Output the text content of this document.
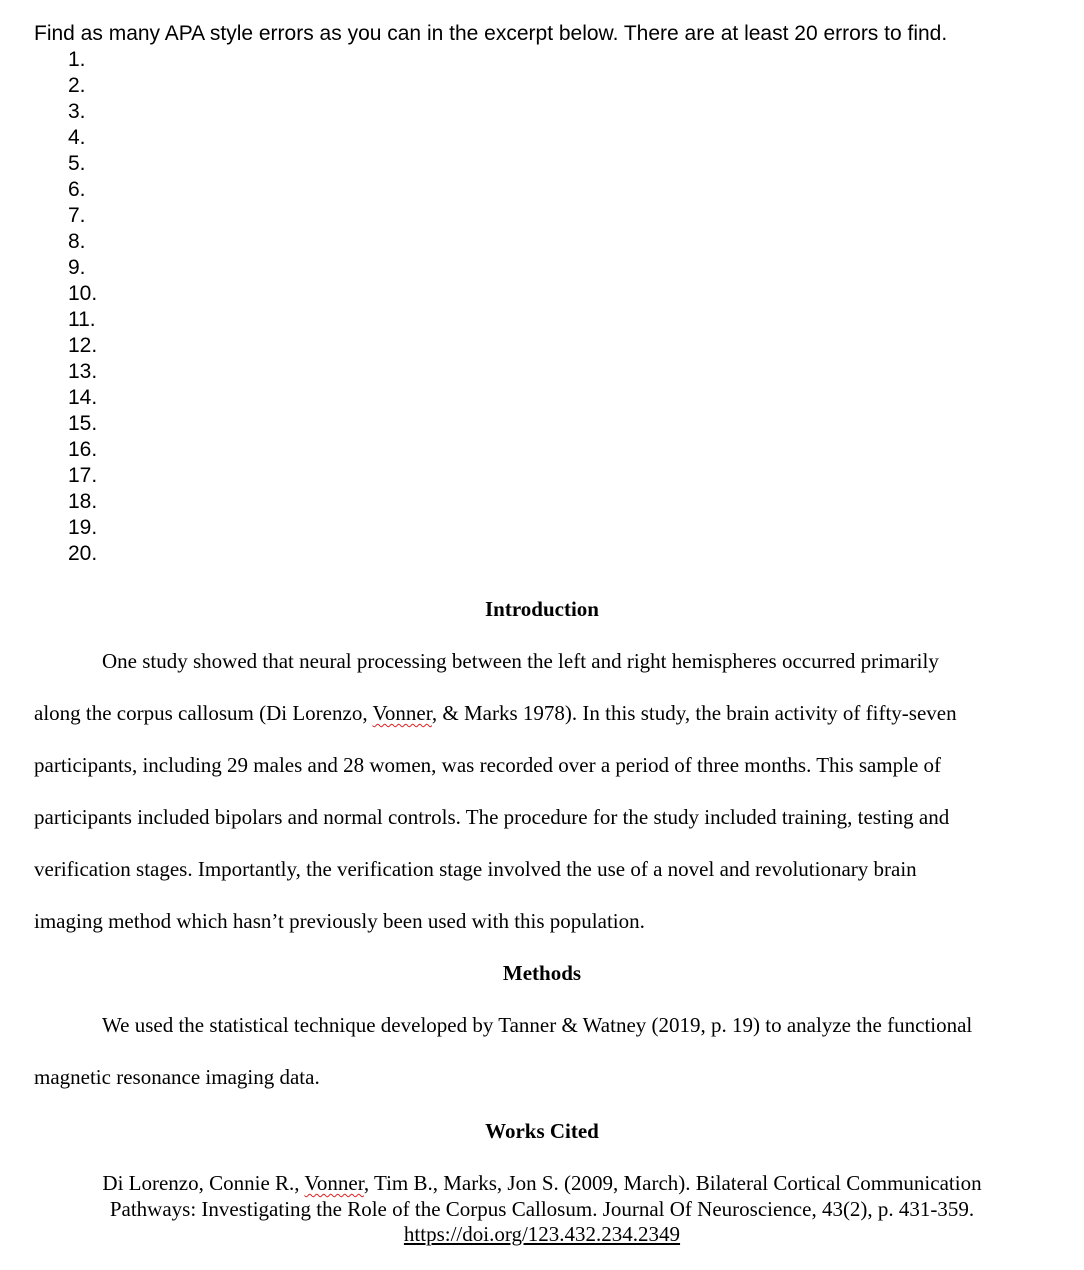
Find as many APA style errors as you can in the excerpt below. There are at least 20 errors to find.
1.
2.
3.
4.
5.
6.
7.
8.
9.
10.
11.
12.
13.
14.
15.
16.
17.
18.
19.
20.
Introduction
One study showed that neural processing between the left and right hemispheres occurred primarily
along the corpus callosum (Di Lorenzo, Vonner, & Marks 1978). In this study, the brain activity of fifty-seven
participants, including 29 males and 28 women, was recorded over a period of three months. This sample of
participants included bipolars and normal controls. The procedure for the study included training, testing and
verification stages. Importantly, the verification stage involved the use of a novel and revolutionary brain
imaging method which hasn’t previously been used with this population.
Methods
We used the statistical technique developed by Tanner & Watney (2019, p. 19) to analyze the functional
magnetic resonance imaging data.
Works Cited
Di Lorenzo, Connie R., Vonner, Tim B., Marks, Jon S. (2009, March). Bilateral Cortical Communication
Pathways: Investigating the Role of the Corpus Callosum. Journal Of Neuroscience, 43(2), p. 431-359.
https://doi.org/123.432.234.2349
